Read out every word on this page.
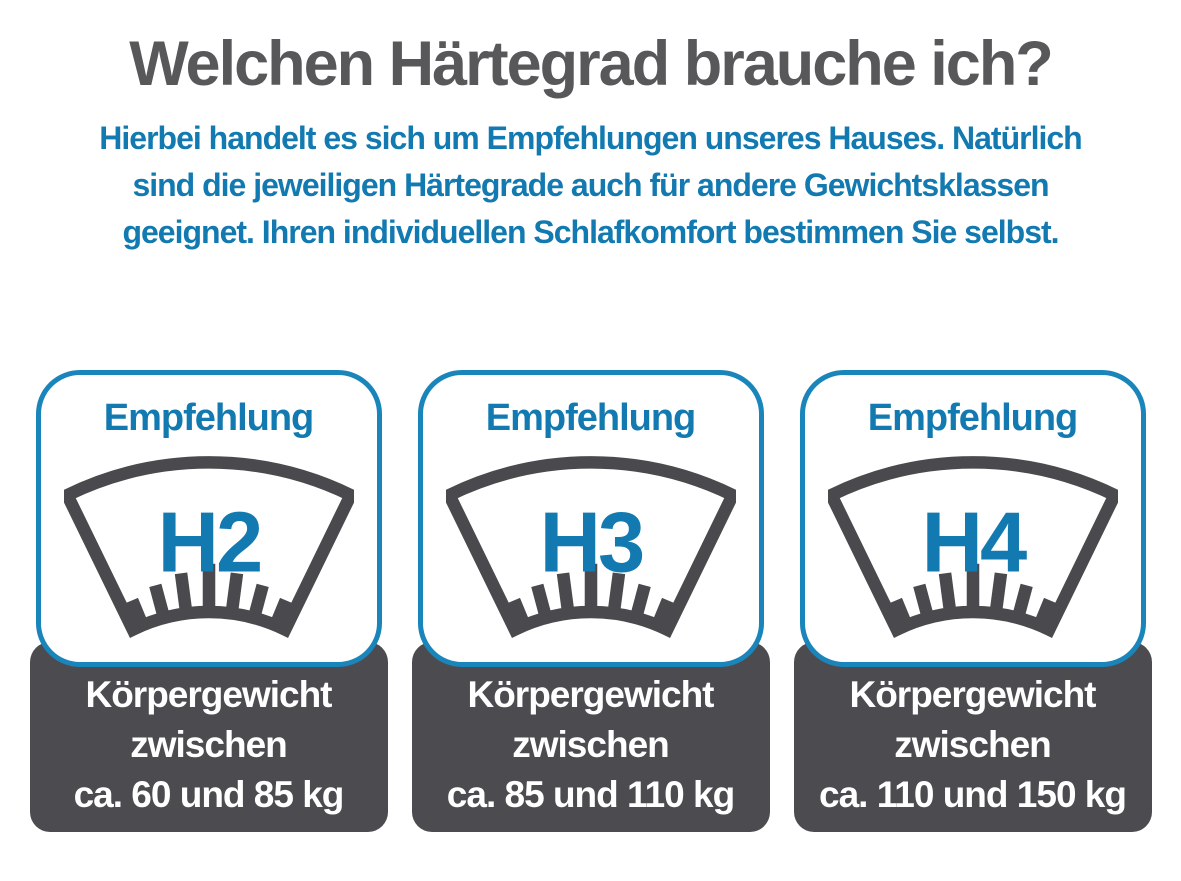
Welchen Härtegrad brauche ich?
Hierbei handelt es sich um Empfehlungen unseres Hauses. Natürlich
sind die jeweiligen Härtegrade auch für andere Gewichtsklassen
geeignet. Ihren individuellen Schlafkomfort bestimmen Sie selbst.
Empfehlung
H2
Körpergewicht
zwischen
ca. 60 und 85 kg
Empfehlung
H3
Körpergewicht
zwischen
ca. 85 und 110 kg
Empfehlung
H4
Körpergewicht
zwischen
ca. 110 und 150 kg
